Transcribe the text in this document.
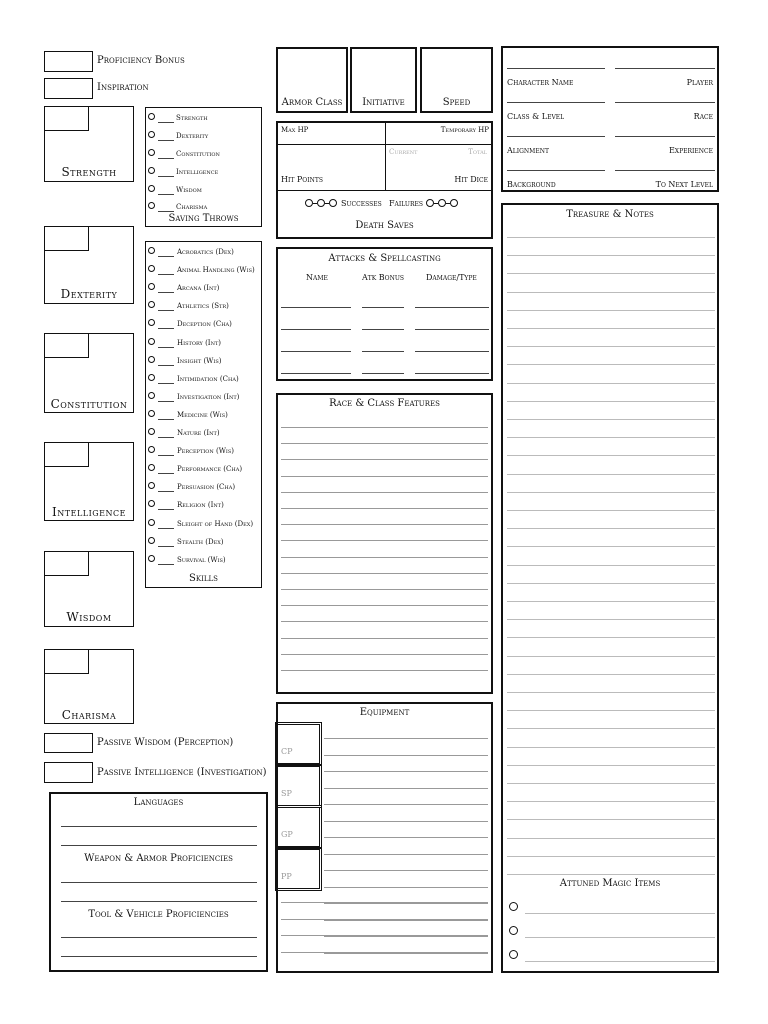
Proficiency Bonus
Inspiration
Strength
Dexterity
Constitution
Intelligence
Wisdom
Charisma
Strength
Dexterity
Constitution
Intelligence
Wisdom
Charisma
Saving Throws
Acrobatics (Dex)
Animal Handling (Wis)
Arcana (Int)
Athletics (Str)
Deception (Cha)
History (Int)
Insight (Wis)
Intimidation (Cha)
Investigation (Int)
Medicine (Wis)
Nature (Int)
Perception (Wis)
Performance (Cha)
Persuasion (Cha)
Religion (Int)
Sleight of Hand (Dex)
Stealth (Dex)
Survival (Wis)
Skills
Passive Wisdom (Perception)
Passive Intelligence (Investigation)
Languages
Weapon & Armor Proficiencies
Tool & Vehicle Proficiencies
Armor Class	Initiative	Speed
Max HP	Temporary HP
Hit Points
Current	Total
Hit Dice
Successes Failures
Death Saves
Attacks & Spellcasting
Name	Atk Bonus	Damage/Type
Race & Class Features
Equipment
CP
SP
GP
PP
Character Name	Player
Class & Level	Race
Alignment	Experience
Background	To Next Level
Treasure & Notes
Attuned Magic Items
